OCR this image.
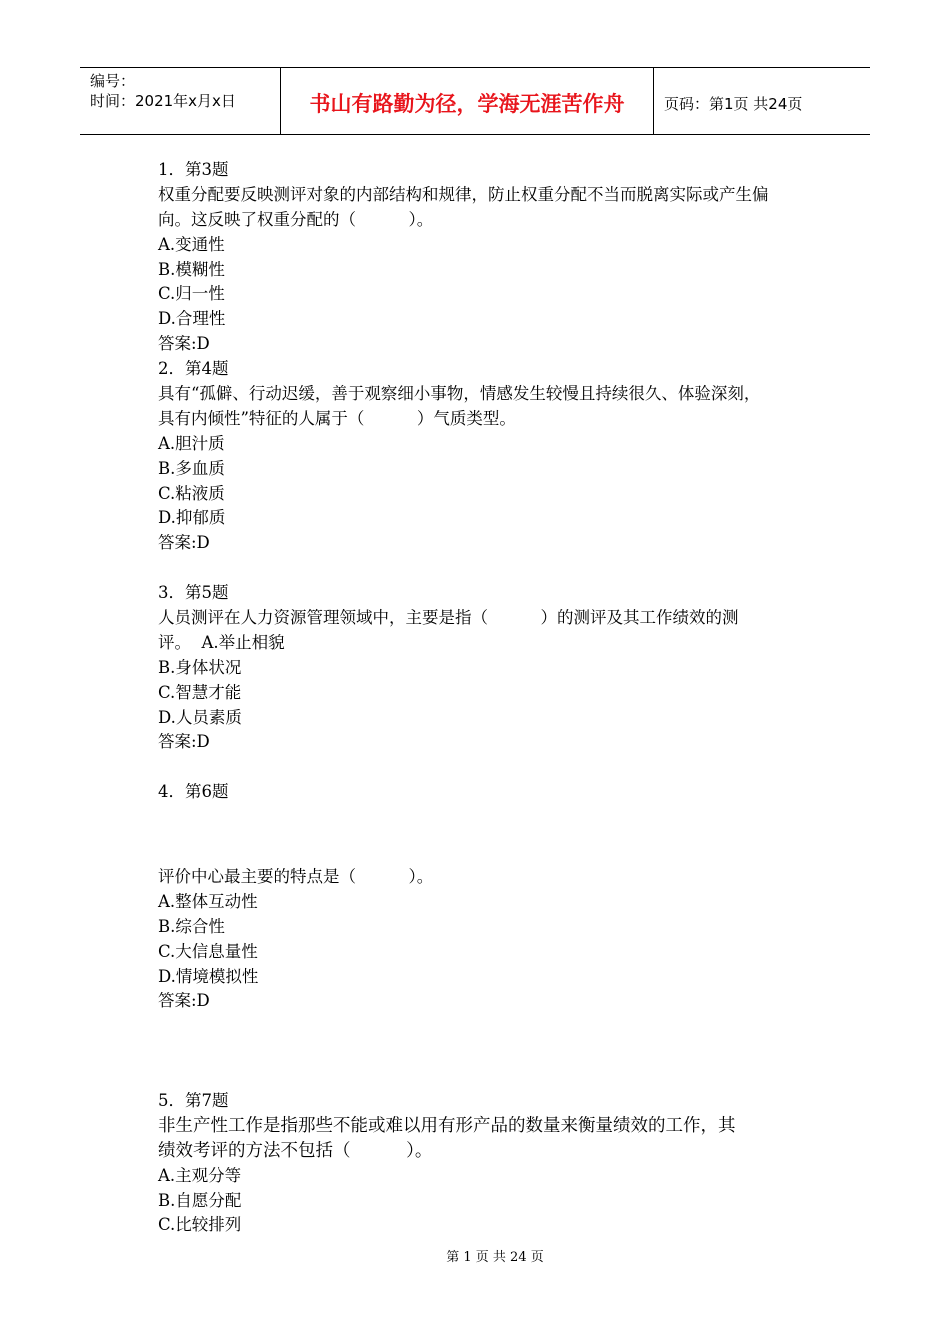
编号：
时间：2021年x月x日	书山有路勤为径，学海无涯苦作舟	页码：第1页 共24页
1．第3题
权重分配要反映测评对象的内部结构和规律，防止权重分配不当而脱离实际或产生偏
向。这反映了权重分配的（          ）。
A.变通性
B.模糊性
C.归一性
D.合理性
答案:D
2．第4题
具有“孤僻、行动迟缓，善于观察细小事物，情感发生较慢且持续很久、体验深刻，
具有内倾性”特征的人属于（          ）气质类型。
A.胆汁质
B.多血质
C.粘液质
D.抑郁质
答案:D
3．第5题
人员测评在人力资源管理领域中，主要是指（          ）的测评及其工作绩效的测
评。  A.举止相貌
B.身体状况
C.智慧才能
D.人员素质
答案:D
4．第6题
评价中心最主要的特点是（          ）。
A.整体互动性
B.综合性
C.大信息量性
D.情境模拟性
答案:D
5．第7题
非生产性工作是指那些不能或难以用有形产品的数量来衡量绩效的工作，其
绩效考评的方法不包括（          ）。
A.主观分等
B.自愿分配
C.比较排列
第 1 页 共 24 页
